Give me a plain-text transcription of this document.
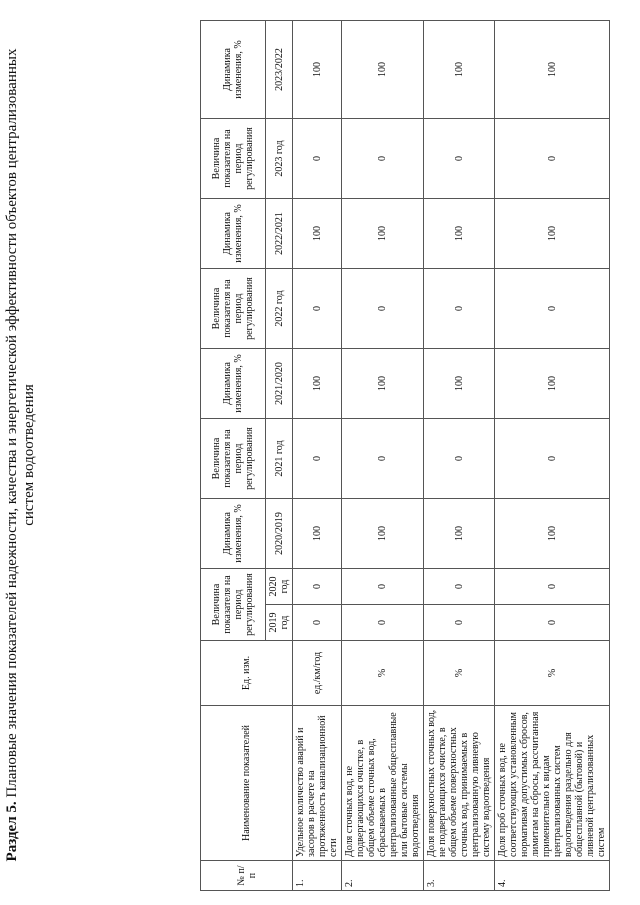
Раздел 5. Плановые значения показателей надежности, качества и энергетической эффективности объектов централизованных систем водоотведения
№ п/п	Наименование показателей	Ед. изм.	Величина показателя на период регулирования		Динамика изменения, %	Величина показателя на период регулирования	Динамика изменения, %	Величина показателя на период регулирования	Динамика изменения, %	Величина показателя на период регулирования	Динамика изменения, %
			2019 год	2020 год	2020/2019	2021 год	2021/2020	2022 год	2022/2021	2023 год	2023/2022
1.	Удельное количество аварий и засоров в расчете на протяженность канализационной сети	ед./км/год	0	0	100	0	100	0	100	0	100
2.	Доля сточных вод, не подвергающихся очистке, в общем объеме сточных вод, сбрасываемых в централизованные общесплавные или бытовые системы водоотведения	%	0	0	100	0	100	0	100	0	100
3.	Доля поверхностных сточных вод, не подвергающихся очистке, в общем объеме поверхностных сточных вод, принимаемых в централизованную ливневую систему водоотведения	%	0	0	100	0	100	0	100	0	100
4.	Доля проб сточных вод, не соответствующих установленным нормативам допустимых сбросов, лимитам на сбросы, рассчитанная применительно к видам централизованных систем водоотведения раздельно для общесплавной (бытовой) и ливневой централизованных систем	%	0	0	100	0	100	0	100	0	100
